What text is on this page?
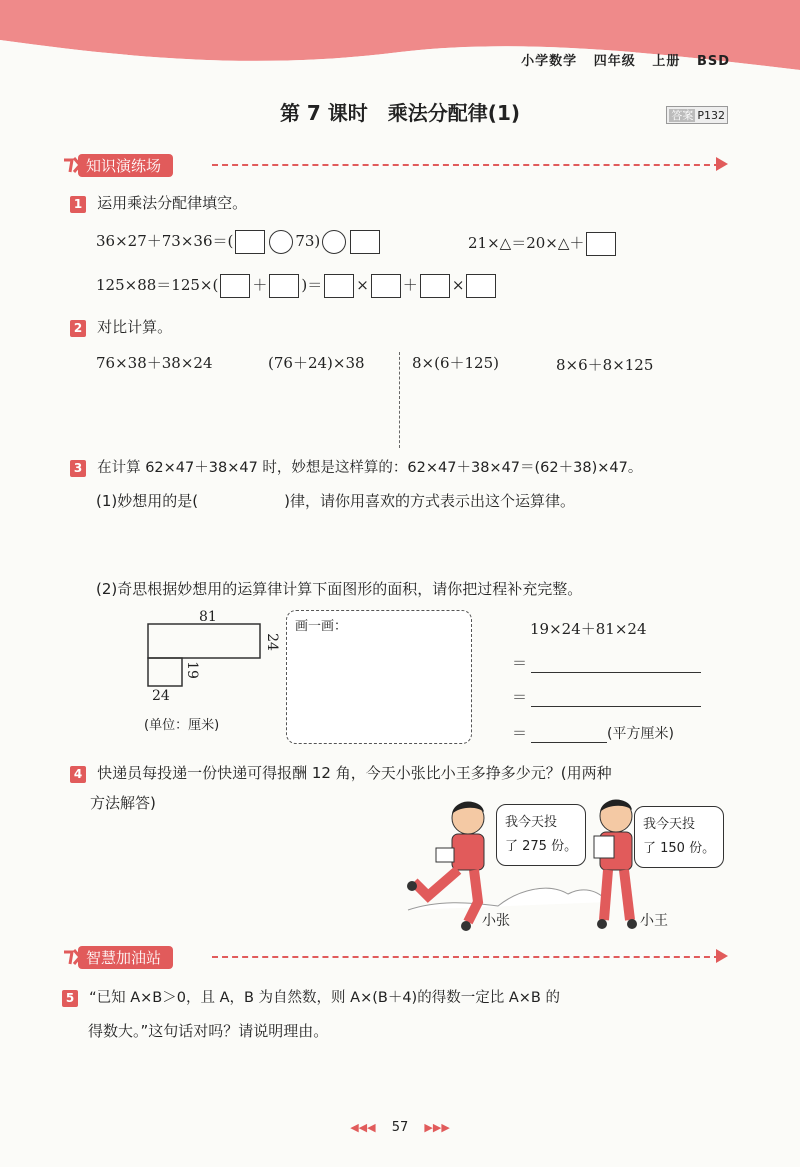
小学数学 四年级 上册 BSD
第 7 课时　乘法分配律(1)	答案 P132
知识演练场
1 运用乘法分配律填空。
36×27＋73×36＝(	73)	21×△＝20×△＋
125×88＝125×( ＋ )＝ × ＋ ×
2 对比计算。
76×38＋38×24	(76＋24)×38	8×(6＋125)	8×6＋8×125
3 在计算 62×47＋38×47 时，妙想是这样算的：62×47＋38×47＝(62＋38)×47。
(1)妙想用的是(	)律，请你用喜欢的方式表示出这个运算律。
(2)奇思根据妙想用的运算律计算下面图形的面积，请你把过程补充完整。
81
24
19
24
(单位：厘米)
画一画：	19×24＋81×24
＝
＝
＝	(平方厘米)
4 快递员每投递一份快递可得报酬 12 角，今天小张比小王多挣多少元？(用两种
方法解答)
我今天投
了 275 份。
我今天投
了 150 份。
小张	小王
智慧加油站
5 “已知 A×B＞0，且 A，B 为自然数，则 A×(B＋4)的得数一定比 A×B 的
得数大。”这句话对吗？请说明理由。
◀◀◀ 57 ▶▶▶
